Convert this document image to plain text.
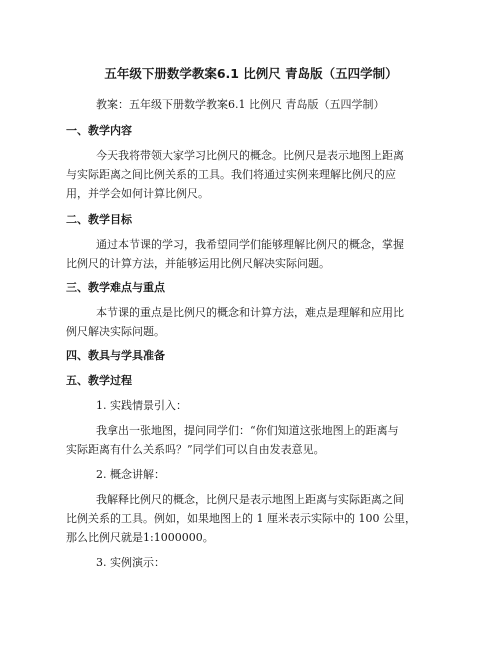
五年级下册数学教案6.1 比例尺 青岛版（五四学制）
教案：五年级下册数学教案6.1 比例尺 青岛版（五四学制）
一、教学内容
今天我将带领大家学习比例尺的概念。比例尺是表示地图上距离
与实际距离之间比例关系的工具。我们将通过实例来理解比例尺的应
用，并学会如何计算比例尺。
二、教学目标
通过本节课的学习，我希望同学们能够理解比例尺的概念，掌握
比例尺的计算方法，并能够运用比例尺解决实际问题。
三、教学难点与重点
本节课的重点是比例尺的概念和计算方法，难点是理解和应用比
例尺解决实际问题。
四、教具与学具准备
五、教学过程
1. 实践情景引入：
我拿出一张地图，提问同学们：“你们知道这张地图上的距离与
实际距离有什么关系吗？”同学们可以自由发表意见。
2. 概念讲解：
我解释比例尺的概念，比例尺是表示地图上距离与实际距离之间
比例关系的工具。例如，如果地图上的 1 厘米表示实际中的 100 公里，
那么比例尺就是1:1000000。
3. 实例演示：
